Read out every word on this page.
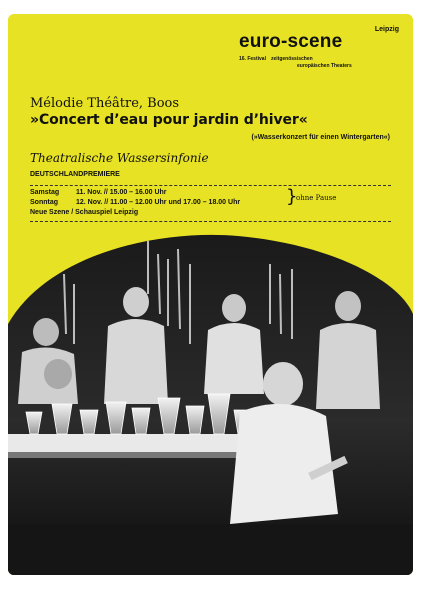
Leipzig
euro-scene
16. Festival zeitgenössischen
europäischen Theaters
Mélodie Théâtre, Boos
»Concert d’eau pour jardin d’hiver«
(»Wasserkonzert für einen Wintergarten«)
Theatralische Wassersinfonie
DEUTSCHLANDPREMIERE
Samstag 11. Nov. // 15.00 – 16.00 Uhr
Sonntag	12. Nov. // 11.00 – 12.00 Uhr und 17.00 – 18.00 Uhr
Neue Szene / Schauspiel Leipzig
}
ohne Pause
